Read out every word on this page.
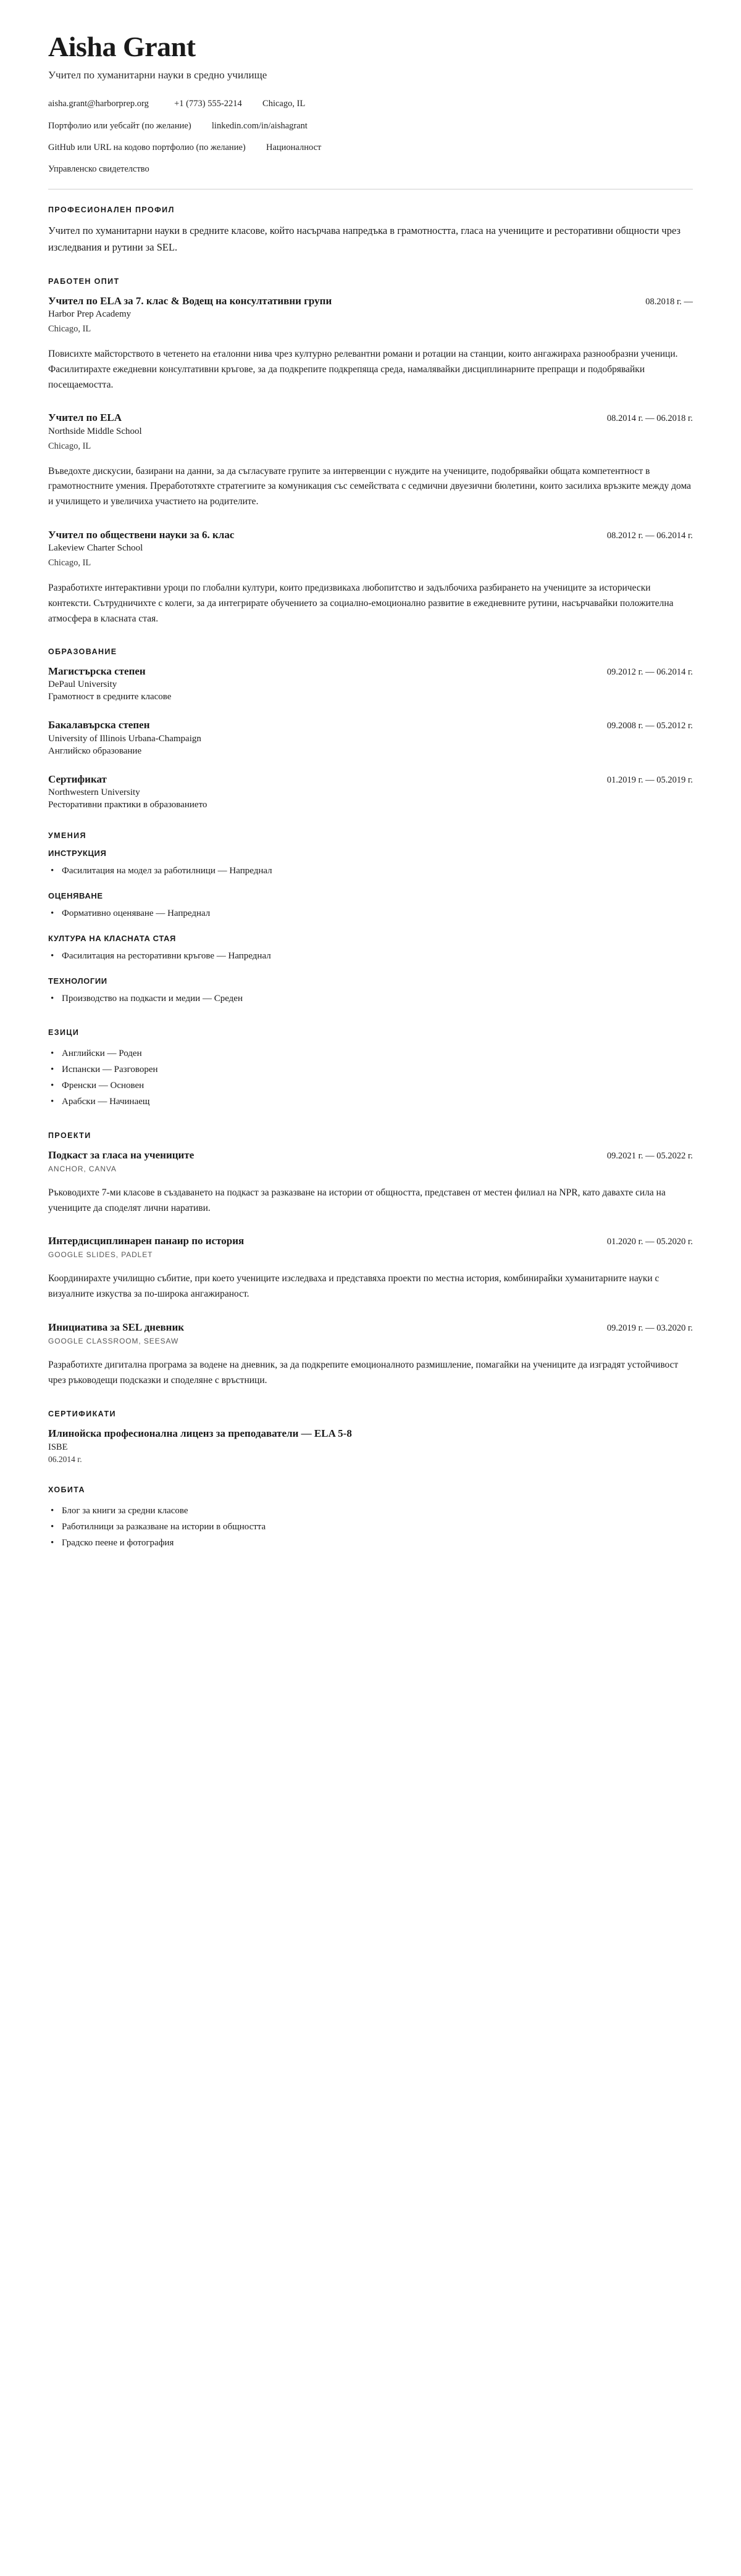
Aisha Grant
Учител по хуманитарни науки в средно училище
aisha.grant@harborprep.org	+1 (773) 555-2214 Chicago, IL
Портфолио или уебсайт (по желание) linkedin.com/in/aishagrant
GitHub или URL на кодово портфолио (по желание) Националност
Управленско свидетелство
ПРОФЕСИОНАЛЕН ПРОФИЛ

Учител по хуманитарни науки в средните класове, който насърчава напредъка в грамотността, гласа на учениците и ресторативни общности чрез изследвания и рутини за SEL.

РАБОТЕН ОПИТ
Учител по ELA за 7. клас & Водещ на консултативни групи	08.2018 г. —
Harbor Prep Academy
Chicago, IL

Повисихте майсторството в четенето на еталонни нива чрез културно релевантни романи и ротации на станции, които ангажираха разнообразни ученици. Фасилитирахте ежедневни консултативни кръгове, за да подкрепите подкрепяща среда, намалявайки дисциплинарните препращи и подобрявайки посещаемостта.

Учител по ELA	08.2014 г. — 06.2018 г.
Northside Middle School
Chicago, IL

Въведохте дискусии, базирани на данни, за да съгласувате групите за интервенции с нуждите на учениците, подобрявайки общата компетентност в грамотностните умения. Преработотяхте стратегиите за комуникация със семействата с седмични двуезични бюлетини, които засилиха връзките между дома и училището и увеличиха участието на родителите.

Учител по обществени науки за 6. клас	08.2012 г. — 06.2014 г.
Lakeview Charter School
Chicago, IL

Разработихте интерактивни уроци по глобални култури, които предизвикаха любопитство и задълбочиха разбирането на учениците за исторически контексти. Сътрудничихте с колеги, за да интегрирате обучението за социално-емоционално развитие в ежедневните рутини, насърчавайки положителна атмосфера в класната стая.

ОБРАЗОВАНИЕ
Магистърска степен	09.2012 г. — 06.2014 г.
DePaul University
Грамотност в средните класове
Бакалавърска степен	09.2008 г. — 05.2012 г.
University of Illinois Urbana-Champaign
Английско образование
Сертификат	01.2019 г. — 05.2019 г.
Northwestern University
Ресторативни практики в образованието
УМЕНИЯ
ИНСТРУКЦИЯ
• Фасилитация на модел за работилници — Напреднал
ОЦЕНЯВАНЕ
• Формативно оценяване — Напреднал
КУЛТУРА НА КЛАСНАТА СТАЯ
• Фасилитация на ресторативни кръгове — Напреднал
ТЕХНОЛОГИИ
• Производство на подкасти и медии — Среден
ЕЗИЦИ
• Английски — Роден
• Испански — Разговорен
• Френски — Основен
• Арабски — Начинаещ
ПРОЕКТИ
Подкаст за гласа на учениците	09.2021 г. — 05.2022 г.
ANCHOR, CANVA

Ръководихте 7-ми класове в създаването на подкаст за разказване на истории от общността, представен от местен филиал на NPR, като давахте сила на учениците да споделят лични наративи.

Интердисциплинарен панаир по история	01.2020 г. — 05.2020 г.
GOOGLE SLIDES, PADLET

Координирахте училищно събитие, при което учениците изследваха и представяха проекти по местна история, комбинирайки хуманитарните науки с визуалните изкуства за по-широка ангажираност.

Инициатива за SEL дневник	09.2019 г. — 03.2020 г.
GOOGLE CLASSROOM, SEESAW

Разработихте дигитална програма за водене на дневник, за да подкрепите емоционалното размишление, помагайки на учениците да изградят устойчивост чрез ръководещи подсказки и споделяне с връстници.

СЕРТИФИКАТИ
Илинойска професионална лиценз за преподаватели — ELA 5-8
ISBE
06.2014 г.
ХОБИТА
• Блог за книги за средни класове
• Работилници за разказване на истории в общността
• Градско пеене и фотография
